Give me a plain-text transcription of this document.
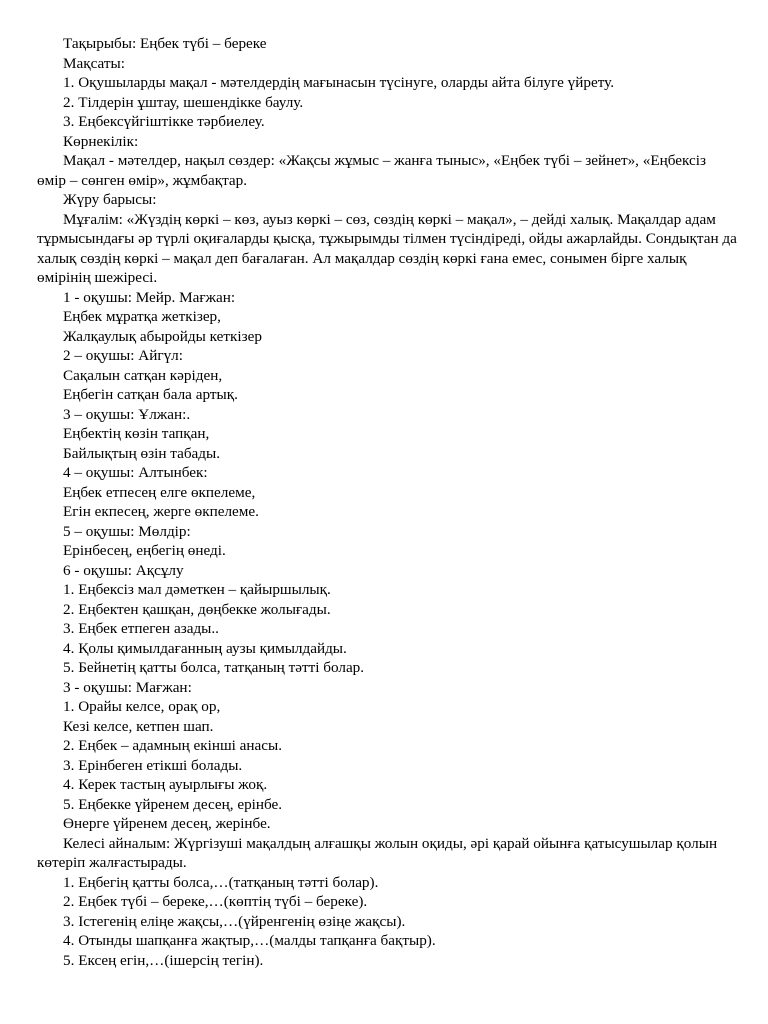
Тақырыбы: Еңбек түбі – береке
Мақсаты:
1. Оқушыларды мақал - мәтелдердің мағынасын түсінуге, оларды айта білуге үйрету.
2. Тілдерін ұштау, шешендікке баулу.
3. Еңбексүйгіштікке тәрбиелеу.
Көрнекілік:
Мақал - мәтелдер, нақыл сөздер: «Жақсы жұмыс – жанға тыныс», «Еңбек түбі – зейнет», «Еңбексіз өмір – сөнген өмір», жұмбақтар.
Жүру барысы:
Мұғалім: «Жүздің көркі – көз, ауыз көркі – сөз, сөздің көркі – мақал», – дейді халық. Мақалдар адам тұрмысындағы әр түрлі оқиғаларды қысқа, тұжырымды тілмен түсіндіреді, ойды ажарлайды. Сондықтан да халық сөздің көркі – мақал деп бағалаған. Ал мақалдар сөздің көркі ғана емес, сонымен бірге халық өмірінің шежіресі.
1 - оқушы: Мейр. Мағжан:
Еңбек мұратқа жеткізер,
Жалқаулық абыройды кеткізер
2 – оқушы: Айгүл:
Сақалын сатқан кәріден,
Еңбегін сатқан бала артық.
3 – оқушы: Ұлжан:.
Еңбектің көзін тапқан,
Байлықтың өзін табады.
4 – оқушы: Алтынбек:
Еңбек етпесең елге өкпелеме,
Егін екпесең, жерге өкпелеме.
5 – оқушы: Мөлдір:
Ерінбесең, еңбегің өнеді.
6 - оқушы: Ақсұлу
1. Еңбексіз мал дәметкен – қайыршылық.
2. Еңбектен қашқан, дөңбекке жолығады.
3. Еңбек етпеген азады..
4. Қолы қимылдағанның аузы қимылдайды.
5. Бейнетің қатты болса, татқаның тәтті болар.
3 - оқушы: Мағжан:
1. Орайы келсе, орақ ор,
Кезі келсе, кетпен шап.
2. Еңбек – адамның екінші анасы.
3. Ерінбеген етікші болады.
4. Керек тастың ауырлығы жоқ.
5. Еңбекке үйренем десең, ерінбе.
Өнерге үйренем десең, жерінбе.
Келесі айналым: Жүргізуші мақалдың алғашқы жолын оқиды, әрі қарай ойынға қатысушылар қолын көтеріп жалғастырады.
1. Еңбегің қатты болса,…(татқаның тәтті болар).
2. Еңбек түбі – береке,…(көптің түбі – береке).
3. Істегенің еліңе жақсы,…(үйренгенің өзіңе жақсы).
4. Отынды шапқанға жақтыр,…(малды тапқанға бақтыр).
5. Ексең егін,…(ішерсің тегін).
